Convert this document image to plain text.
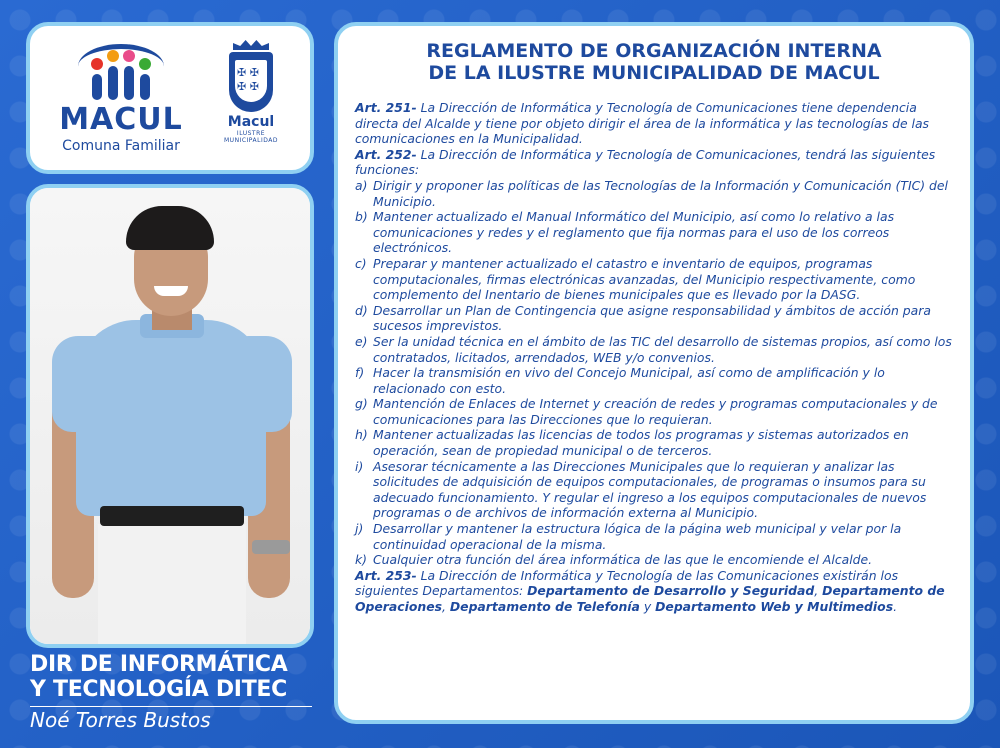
MACUL
Comuna Familiar
✠ ✠ ✠ ✠
Macul
ILUSTRE MUNICIPALIDAD
DIR DE INFORMÁTICA
Y TECNOLOGÍA DITEC
Noé Torres Bustos
REGLAMENTO DE ORGANIZACIÓN INTERNA
DE LA ILUSTRE MUNICIPALIDAD DE MACUL

Art. 251- La Dirección de Informática y Tecnología de Comunicaciones tiene dependencia directa del Alcalde y tiene por objeto dirigir el área de la informática y las tecnologías de las comunicaciones en la Municipalidad.

Art. 252- La Dirección de Informática y Tecnología de Comunicaciones, tendrá las siguientes funciones:

a) Dirigir y proponer las políticas de las Tecnologías de la Información y Comunicación (TIC) del Municipio.
b) Mantener actualizado el Manual Informático del Municipio, así como lo relativo a las comunicaciones y redes y el reglamento que fija normas para el uso de los correos electrónicos.
c) Preparar y mantener actualizado el catastro e inventario de equipos, programas computacionales, firmas electrónicas avanzadas, del Municipio respectivamente, como complemento del Inentario de bienes municipales que es llevado por la DASG.
d) Desarrollar un Plan de Contingencia que asigne responsabilidad y ámbitos de acción para sucesos imprevistos.
e) Ser la unidad técnica en el ámbito de las TIC del desarrollo de sistemas propios, así como los contratados, licitados, arrendados, WEB y/o convenios.
f) Hacer la transmisión en vivo del Concejo Municipal, así como de amplificación y lo relacionado con esto.
g) Mantención de Enlaces de Internet y creación de redes y programas computacionales y de comunicaciones para las Direcciones que lo requieran.
h) Mantener actualizadas las licencias de todos los programas y sistemas autorizados en operación, sean de propiedad municipal o de terceros.
i) Asesorar técnicamente a las Direcciones Municipales que lo requieran y analizar las solicitudes de adquisición de equipos computacionales, de programas o insumos para su adecuado funcionamiento. Y regular el ingreso a los equipos computacionales de nuevos programas o de archivos de información externa al Municipio.
j) Desarrollar y mantener la estructura lógica de la página web municipal y velar por la continuidad operacional de la misma.
k) Cualquier otra función del área informática de las que le encomiende el Alcalde.

Art. 253- La Dirección de Informática y Tecnología de las Comunicaciones existirán los siguientes Departamentos: Departamento de Desarrollo y Seguridad, Departamento de Operaciones, Departamento de Telefonía y Departamento Web y Multimedios.
